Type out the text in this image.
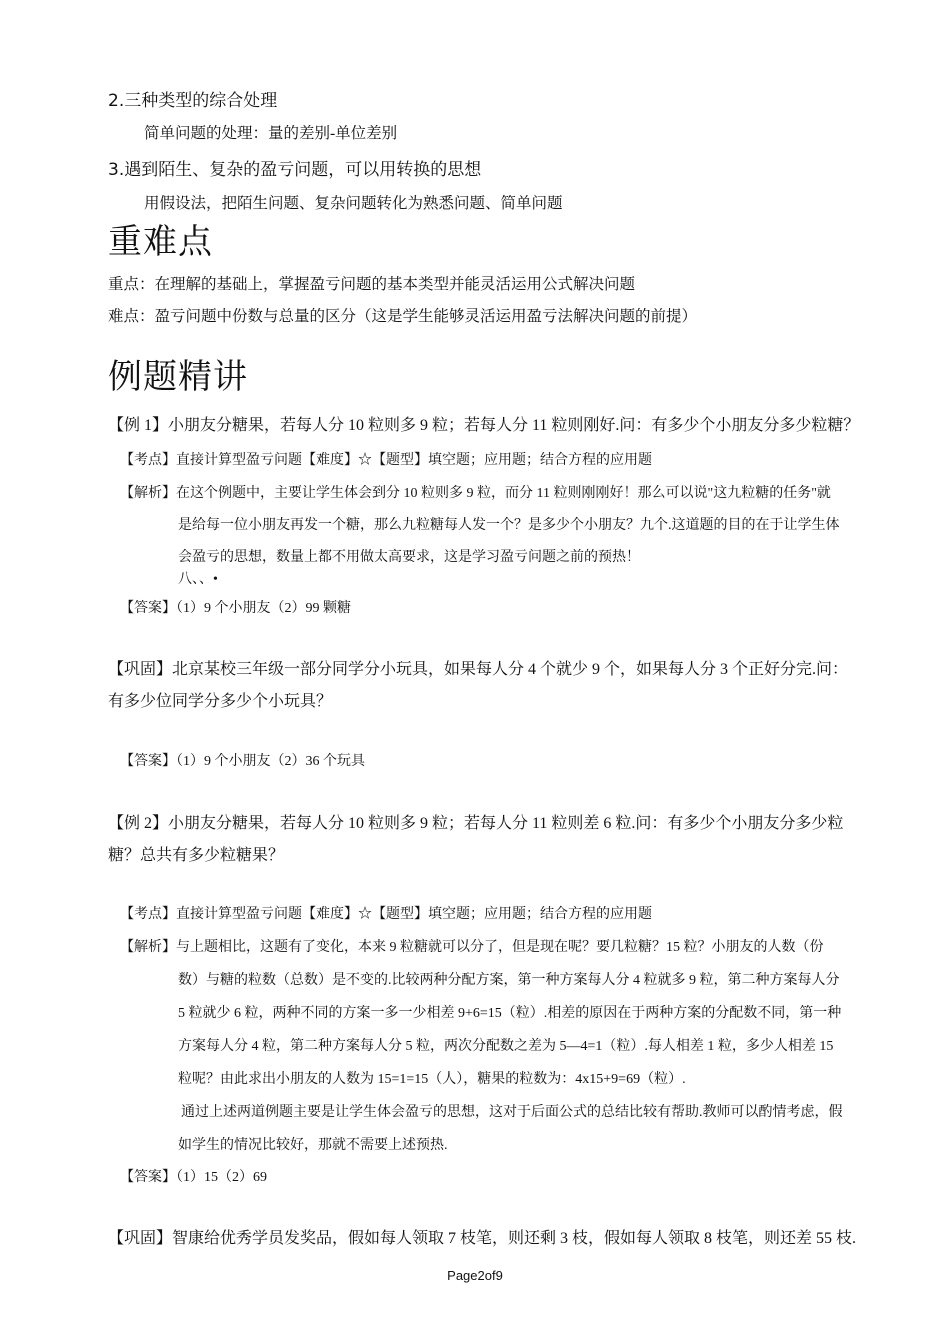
2.三种类型的综合处理
简单问题的处理：量的差别-单位差别
3.遇到陌生、复杂的盈亏问题，可以用转换的思想
用假设法，把陌生问题、复杂问题转化为熟悉问题、简单问题
重难点
重点：在理解的基础上，掌握盈亏问题的基本类型并能灵活运用公式解决问题
难点：盈亏问题中份数与总量的区分（这是学生能够灵活运用盈亏法解决问题的前提）
例题精讲
【例 1】小朋友分糖果，若每人分 10 粒则多 9 粒；若每人分 11 粒则刚好.问：有多少个小朋友分多少粒糖？
【考点】直接计算型盈亏问题【难度】☆【题型】填空题；应用题；结合方程的应用题
【解析】在这个例题中，主要让学生体会到分 10 粒则多 9 粒，而分 11 粒则刚刚好！那么可以说"这九粒糖的任务"就
是给每一位小朋友再发一个糖，那么九粒糖每人发一个？是多少个小朋友？九个.这道题的目的在于让学生体
会盈亏的思想，数量上都不用做太高要求，这是学习盈亏问题之前的预热！
八、、•
【答案】（1）9 个小朋友（2）99 颗糖
【巩固】北京某校三年级一部分同学分小玩具，如果每人分 4 个就少 9 个，如果每人分 3 个正好分完.问：
有多少位同学分多少个小玩具？
【答案】（1）9 个小朋友（2）36 个玩具
【例 2】小朋友分糖果，若每人分 10 粒则多 9 粒；若每人分 11 粒则差 6 粒.问：有多少个小朋友分多少粒
糖？总共有多少粒糖果？
【考点】直接计算型盈亏问题【难度】☆【题型】填空题；应用题；结合方程的应用题
【解析】与上题相比，这题有了变化，本来 9 粒糖就可以分了，但是现在呢？要几粒糖？15 粒？小朋友的人数（份
数）与糖的粒数（总数）是不变的.比较两种分配方案，第一种方案每人分 4 粒就多 9 粒，第二种方案每人分
5 粒就少 6 粒，两种不同的方案一多一少相差 9+6=15（粒）.相差的原因在于两种方案的分配数不同，第一种
方案每人分 4 粒，第二种方案每人分 5 粒，两次分配数之差为 5—4=1（粒）.每人相差 1 粒，多少人相差 15
粒呢？由此求出小朋友的人数为 15=1=15（人），糖果的粒数为：4x15+9=69（粒）.
通过上述两道例题主要是让学生体会盈亏的思想，这对于后面公式的总结比较有帮助.教师可以酌情考虑，假
如学生的情况比较好，那就不需要上述预热.
【答案】（1）15（2）69
【巩固】智康给优秀学员发奖品，假如每人领取 7 枝笔，则还剩 3 枝，假如每人领取 8 枝笔，则还差 55 枝.
Page2of9
